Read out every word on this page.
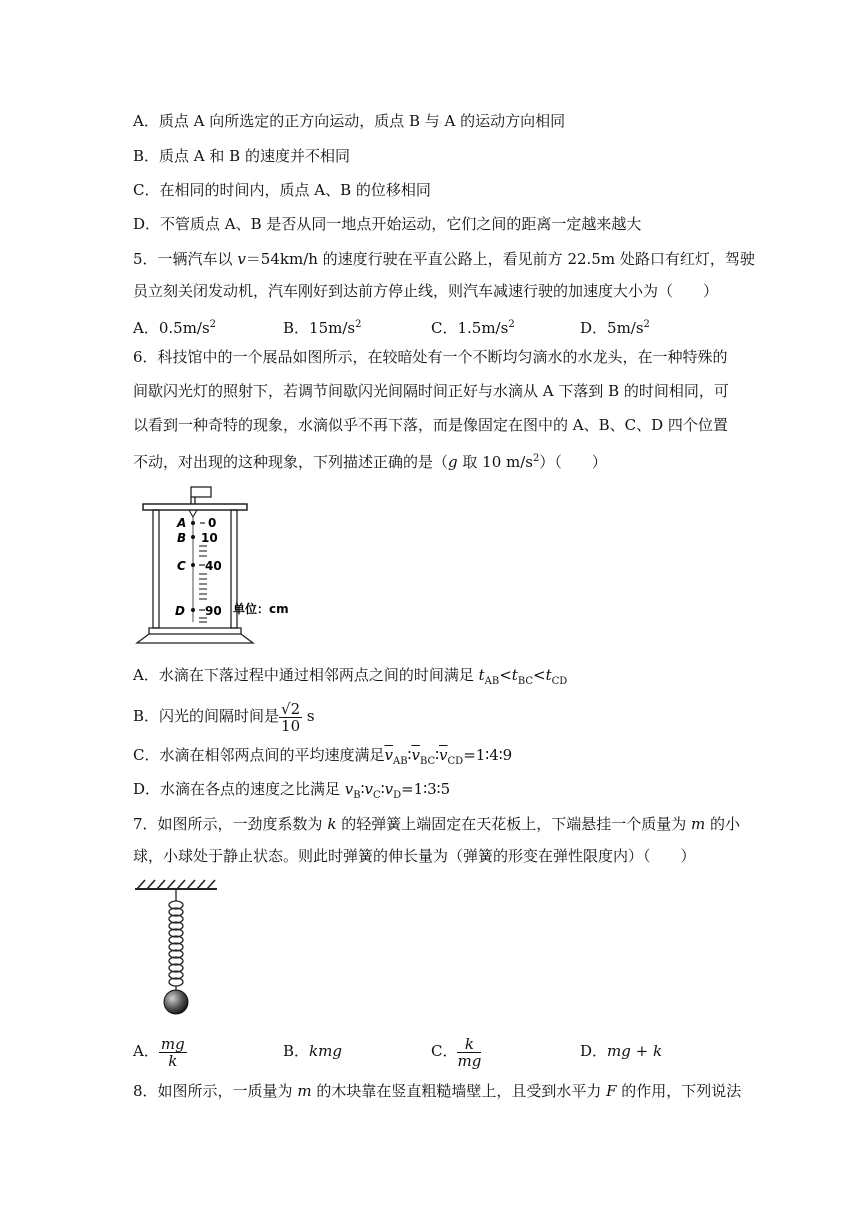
A．质点 A 向所选定的正方向运动，质点 B 与 A 的运动方向相同
B．质点 A 和 B 的速度并不相同
C．在相同的时间内，质点 A、B 的位移相同
D．不管质点 A、B 是否从同一地点开始运动，它们之间的距离一定越来越大
5．一辆汽车以 v＝54km/h 的速度行驶在平直公路上，看见前方 22.5m 处路口有红灯，驾驶
员立刻关闭发动机，汽车刚好到达前方停止线，则汽车减速行驶的加速度大小为（　　）
A．$0.5m/s^2$	B．$15m/s^2$	C．$1.5m/s^2$	D．$5m/s^2$
6．科技馆中的一个展品如图所示，在较暗处有一个不断均匀滴水的水龙头，在一种特殊的
间歇闪光灯的照射下，若调节间歇闪光间隔时间正好与水滴从 A 下落到 B 的时间相同，可
以看到一种奇特的现象，水滴似乎不再下落，而是像固定在图中的 A、B、C、D 四个位置
不动，对出现的这种现象，下列描述正确的是（g 取 10 $m/s^2$）（　　）
A
B
C
D
0
10
40
90 单位：cm
A．水滴在下落过程中通过相邻两点之间的时间满足 $t_{AB}<t_{BC}<t_{CD}$
B．闪光的间隔时间是 $\frac{√2}{10}$ s
C．水滴在相邻两点间的平均速度满足$\overline{v}_{AB}∶\overline{v}_{BC}∶\overline{v}_{CD}=1∶4∶9$
D．水滴在各点的速度之比满足 $v_B∶v_C∶v_D=1∶3∶5$
7．如图所示，一劲度系数为 k 的轻弹簧上端固定在天花板上，下端悬挂一个质量为 m 的小
球，小球处于静止状态。则此时弹簧的伸长量为（弹簧的形变在弹性限度内）（　　）
A． $\frac{mg}{k}$	B．kmg	C． $\frac{k}{mg}$	D．mg + k
8．如图所示，一质量为 m 的木块靠在竖直粗糙墙壁上，且受到水平力 F 的作用，下列说法
